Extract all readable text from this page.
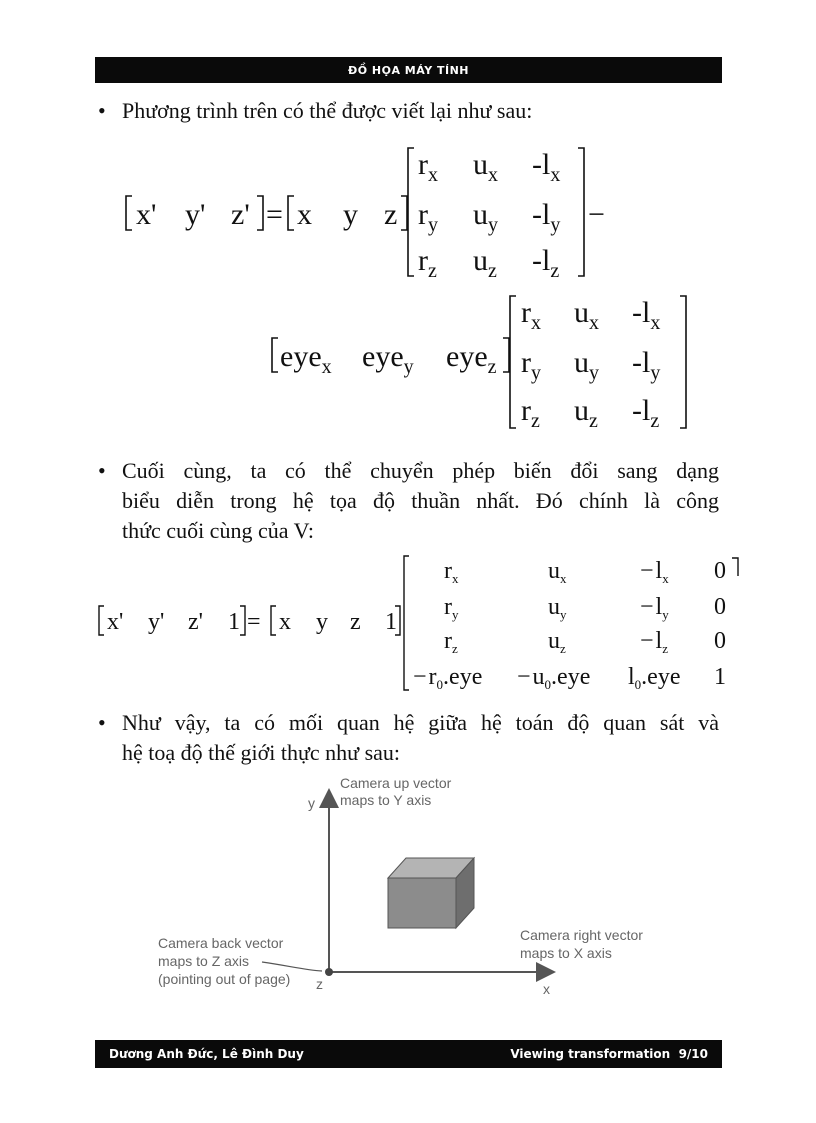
ĐỒ HỌA MÁY TÍNH
• Phương trình trên có thể được viết lại như sau:
x' y' z' = x y z
$r_x$ $u_x$ $-l_x$
$r_y$ $u_y$ $-l_y$
$r_z$ $u_z$ $-l_z$
−
eye$_x$ eye$_y$ eye$_z$
$r_x$ $u_x$ $-l_x$
$r_y$ $u_y$ $-l_y$
$r_z$ $u_z$ $-l_z$
• Cuối cùng, ta có thể chuyển phép biến đổi sang dạng
biểu diễn trong hệ tọa độ thuần nhất. Đó chính là công
thức cuối cùng của V:
x' y' z' 1 = x y z 1
$r_x$	$u_x$	$-l_x$ 0
$r_y$	$u_y$	$-l_y$ 0
$r_z$	$u_z$	$-l_z$ 0
$-r_0.eye -u_0.eye$ $l_0.eye$ 1
• Như vậy, ta có mối quan hệ giữa hệ toán độ quan sát và
hệ toạ độ thế giới thực như sau:
y
x
z
Camera up vector
maps to Y axis
Camera right vector
maps to X axis
Camera back vector
maps to Z axis
(pointing out of page)
Dương Anh Đức, Lê Đình Duy	Viewing transformation  9/10
